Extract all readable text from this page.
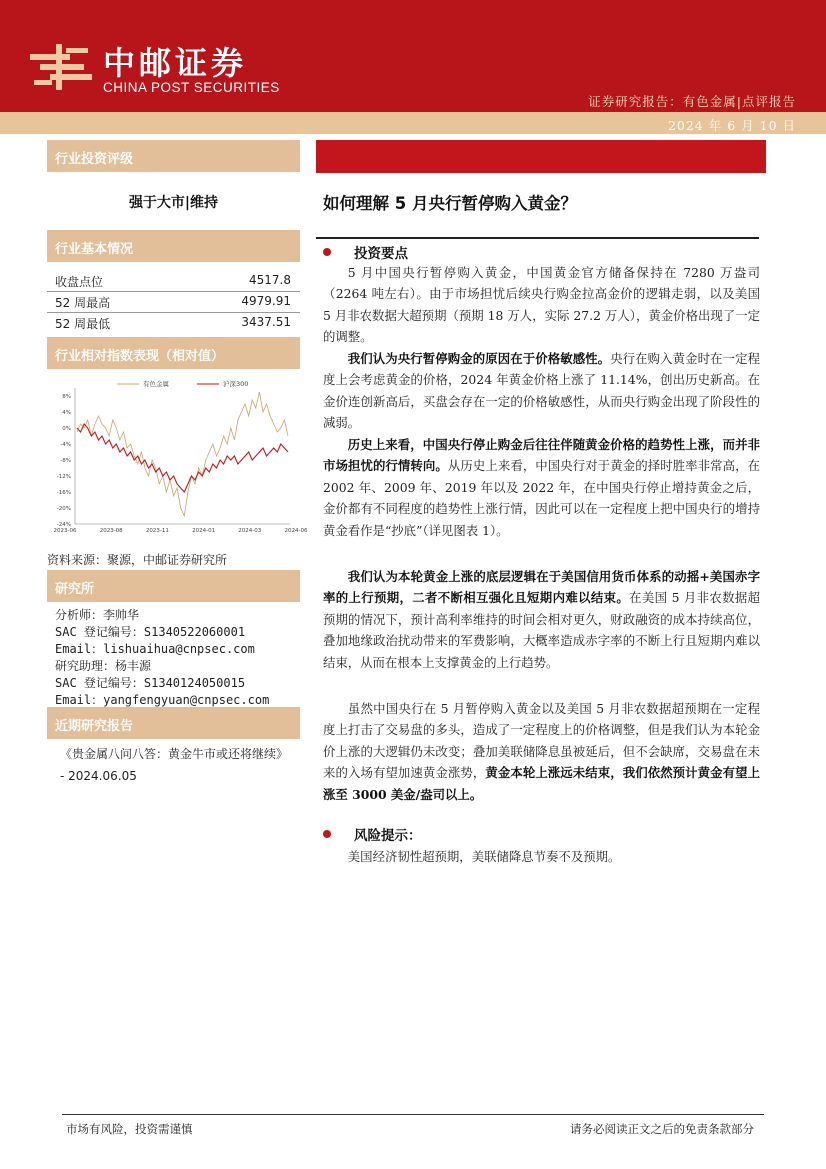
中邮证券
CHINA POST SECURITIES
证券研究报告：有色金属|点评报告
2024 年 6 月 10 日
行业投资评级
强于大市|维持
行业基本情况
收盘点位	4517.8
52 周最高	4979.91
52 周最低	3437.51
行业相对指数表现（相对值）
8%
4%
0%
-4%
-8%
-12%
-16%
-20%
-24%
2023-06	2023-08	2023-11	2024-01	2024-03	2024-06
有色金属	沪深300
资料来源：聚源，中邮证券研究所
研究所
分析师：李帅华
SAC 登记编号：S1340522060001
Email：lishuaihua@cnpsec.com
研究助理：杨丰源
SAC 登记编号：S1340124050015
Email：yangfengyuan@cnpsec.com
近期研究报告
《贵金属八问八答：黄金牛市或还将继续》 - 2024.06.05
如何理解 5 月央行暂停购入黄金？
投资要点
5 月中国央行暂停购入黄金，中国黄金官方储备保持在 7280 万盎司（2264 吨左右）。由于市场担忧后续央行购金拉高金价的逻辑走弱，以及美国 5 月非农数据大超预期（预期 18 万人，实际 27.2 万人），黄金价格出现了一定的调整。
我们认为央行暂停购金的原因在于价格敏感性。央行在购入黄金时在一定程度上会考虑黄金的价格，2024 年黄金价格上涨了 11.14%，创出历史新高。在金价连创新高后，买盘会存在一定的价格敏感性，从而央行购金出现了阶段性的减弱。
历史上来看，中国央行停止购金后往往伴随黄金价格的趋势性上涨，而并非市场担忧的行情转向。从历史上来看，中国央行对于黄金的择时胜率非常高，在 2002 年、2009 年、2019 年以及 2022 年，在中国央行停止增持黄金之后，金价都有不同程度的趋势性上涨行情，因此可以在一定程度上把中国央行的增持黄金看作是“抄底”（详见图表 1）。
我们认为本轮黄金上涨的底层逻辑在于美国信用货币体系的动摇+美国赤字率的上行预期，二者不断相互强化且短期内难以结束。在美国 5 月非农数据超预期的情况下，预计高利率维持的时间会相对更久，财政融资的成本持续高位，叠加地缘政治扰动带来的军费影响，大概率造成赤字率的不断上行且短期内难以结束，从而在根本上支撑黄金的上行趋势。
虽然中国央行在 5 月暂停购入黄金以及美国 5 月非农数据超预期在一定程度上打击了交易盘的多头，造成了一定程度上的价格调整，但是我们认为本轮金价上涨的大逻辑仍未改变；叠加美联储降息虽被延后，但不会缺席，交易盘在未来的入场有望加速黄金涨势，黄金本轮上涨远未结束，我们依然预计黄金有望上涨至 3000 美金/盎司以上。
风险提示：
美国经济韧性超预期，美联储降息节奏不及预期。
市场有风险，投资需谨慎	请务必阅读正文之后的免责条款部分
